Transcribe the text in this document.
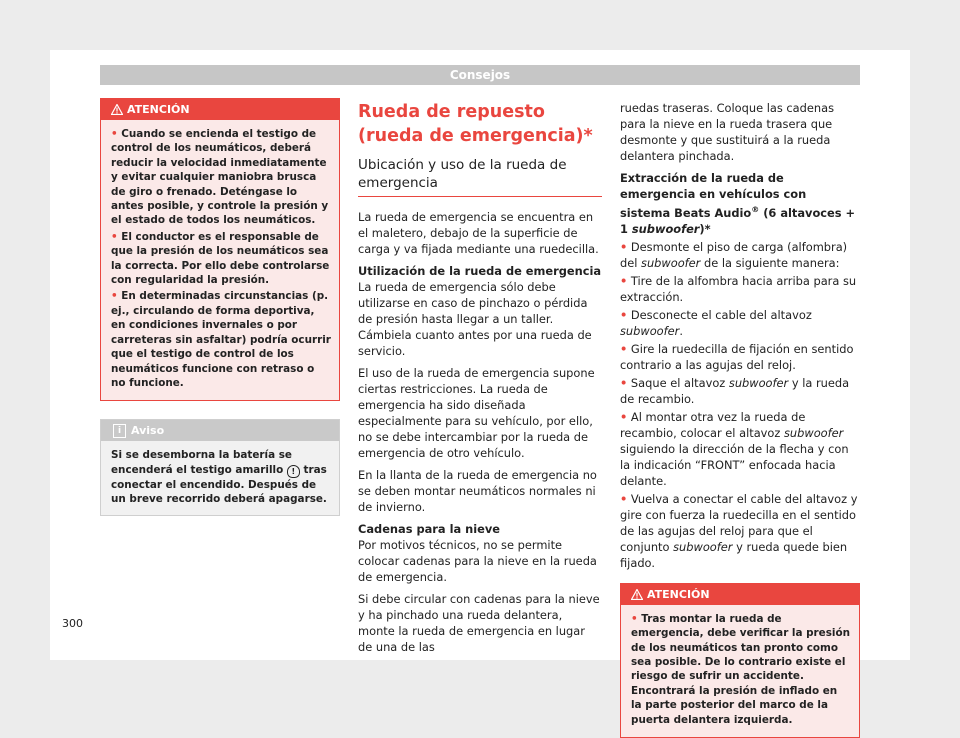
Consejos
ATENCIÓN
• Cuando se encienda el testigo de control de los neumáticos, deberá reducir la velocidad inmediatamente y evitar cualquier maniobra brusca de giro o frenado. Deténgase lo antes posible, y controle la presión y el estado de todos los neumáticos.
• El conductor es el responsable de que la presión de los neumáticos sea la correcta. Por ello debe controlarse con regularidad la presión.
• En determinadas circunstancias (p. ej., circulando de forma deportiva, en condiciones invernales o por carreteras sin asfaltar) podría ocurrir que el testigo de control de los neumáticos funcione con retraso o no funcione.
i Aviso
Si se desemborna la batería se encenderá el testigo amarillo ! tras conectar el encendido. Después de un breve recorrido deberá apagarse.
Rueda de repuesto (rueda de emergencia)*
Ubicación y uso de la rueda de emergencia

La rueda de emergencia se encuentra en el maletero, debajo de la superficie de carga y va fijada mediante una ruedecilla.

Utilización de la rueda de emergencia

La rueda de emergencia sólo debe utilizarse en caso de pinchazo o pérdida de presión hasta llegar a un taller. Cámbiela cuanto antes por una rueda de servicio.

El uso de la rueda de emergencia supone ciertas restricciones. La rueda de emergencia ha sido diseñada especialmente para su vehículo, por ello, no se debe intercambiar por la rueda de emergencia de otro vehículo.

En la llanta de la rueda de emergencia no se deben montar neumáticos normales ni de invierno.

Cadenas para la nieve

Por motivos técnicos, no se permite colocar cadenas para la nieve en la rueda de emergencia.

Si debe circular con cadenas para la nieve y ha pinchado una rueda delantera, monte la rueda de emergencia en lugar de una de las

ruedas traseras. Coloque las cadenas para la nieve en la rueda trasera que desmonte y que sustituirá a la rueda delantera pinchada.

Extracción de la rueda de emergencia en vehículos con sistema Beats Audio® (6 altavoces + 1 subwoofer)*
• Desmonte el piso de carga (alfombra) del subwoofer de la siguiente manera:
• Tire de la alfombra hacia arriba para su extracción.
• Desconecte el cable del altavoz subwoofer.
• Gire la ruedecilla de fijación en sentido contrario a las agujas del reloj.
• Saque el altavoz subwoofer y la rueda de recambio.
• Al montar otra vez la rueda de recambio, colocar el altavoz subwoofer siguiendo la dirección de la flecha y con la indicación “FRONT” enfocada hacia delante.
• Vuelva a conectar el cable del altavoz y gire con fuerza la ruedecilla en el sentido de las agujas del reloj para que el conjunto subwoofer y rueda quede bien fijado.
ATENCIÓN
• Tras montar la rueda de emergencia, debe verificar la presión de los neumáticos tan pronto como sea posible. De lo contrario existe el riesgo de sufrir un accidente. Encontrará la presión de inflado en la parte posterior del marco de la puerta delantera izquierda.
300
